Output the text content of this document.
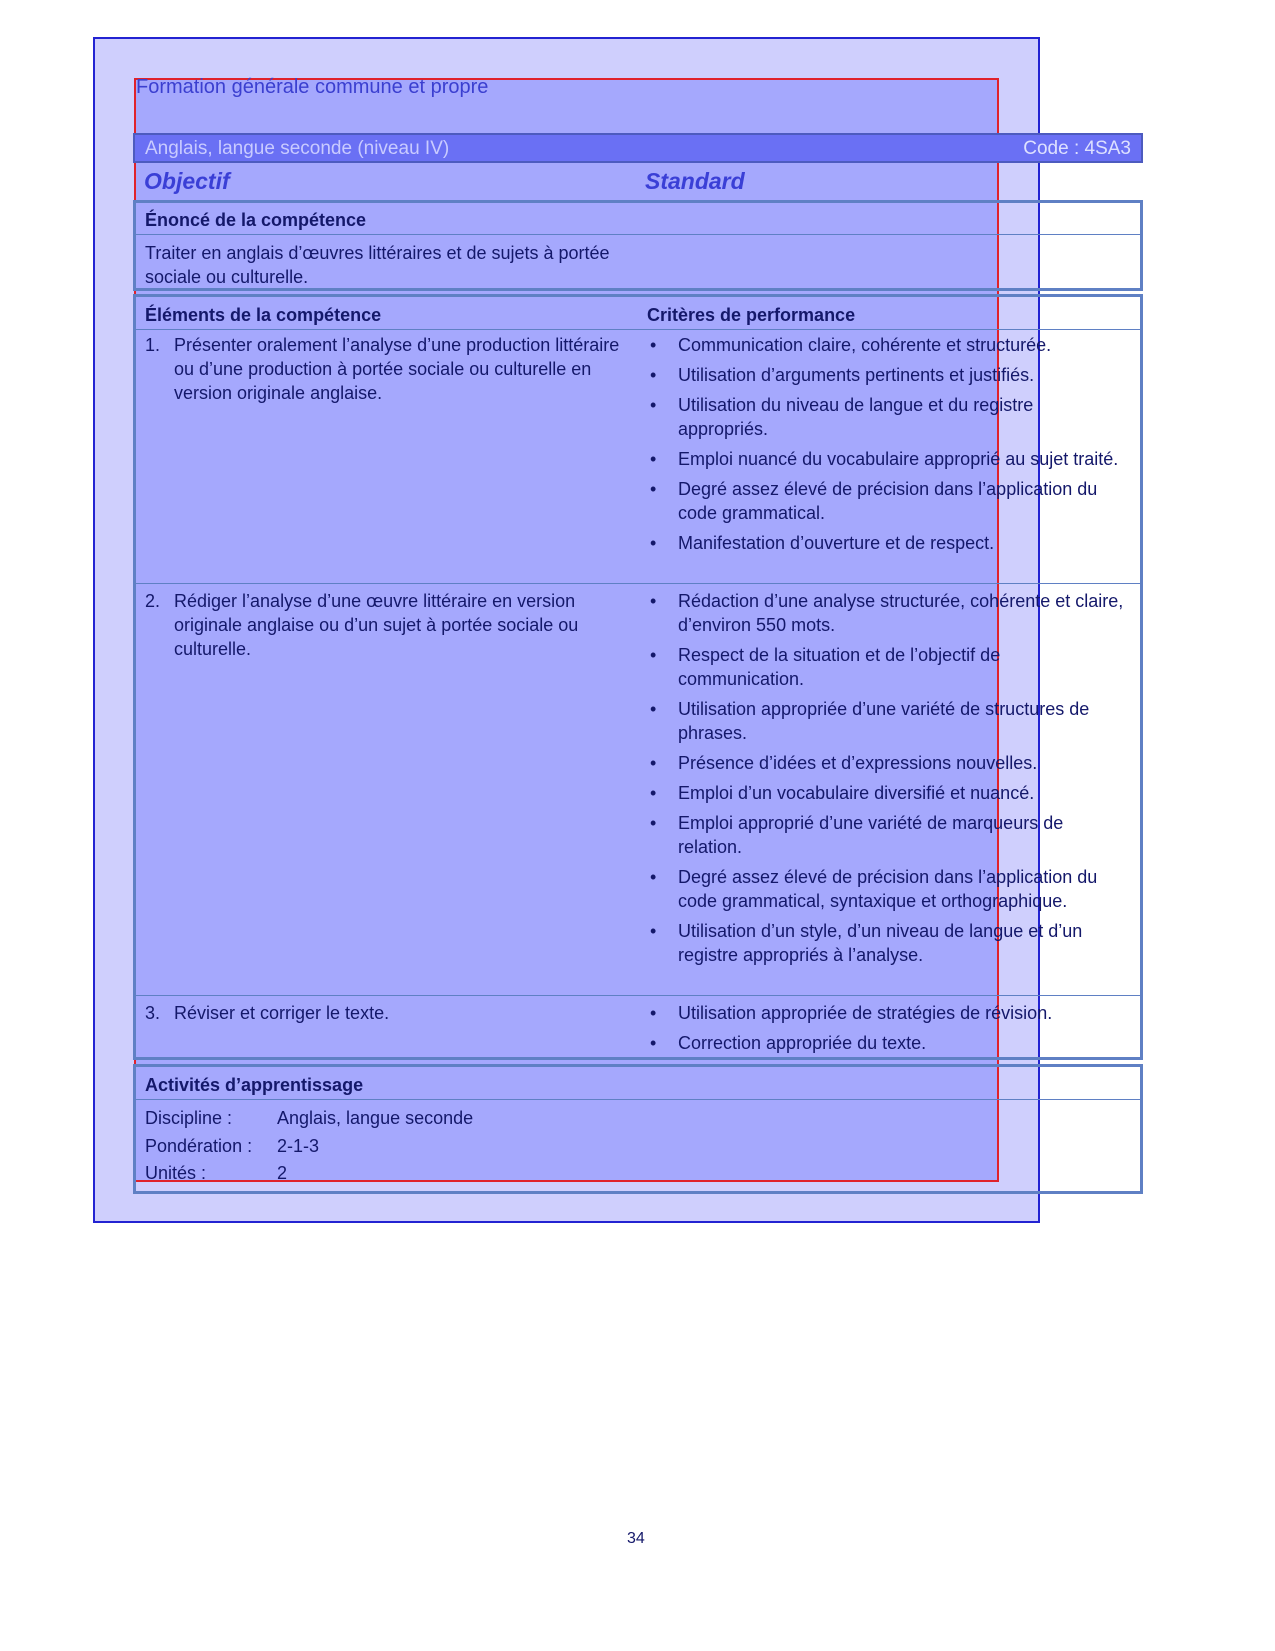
Formation générale commune et propre
Anglais, langue seconde (niveau IV)	Code : 4SA3
Objectif	Standard
Énoncé de la compétence
Traiter en anglais d’œuvres littéraires et de sujets à portée sociale ou culturelle.
Éléments de la compétence	Critères de performance
1. Présenter oralement l’analyse d’une production littéraire ou d’une production à portée sociale ou culturelle en version originale anglaise.
• Communication claire, cohérente et structurée.
• Utilisation d’arguments pertinents et justifiés.
• Utilisation du niveau de langue et du registre appropriés.
• Emploi nuancé du vocabulaire approprié au sujet traité.
• Degré assez élevé de précision dans l’application du code grammatical.
• Manifestation d’ouverture et de respect.
2. Rédiger l’analyse d’une œuvre littéraire en version originale anglaise ou d’un sujet à portée sociale ou culturelle.
• Rédaction d’une analyse structurée, cohérente et claire, d’environ 550 mots.
• Respect de la situation et de l’objectif de communication.
• Utilisation appropriée d’une variété de structures de phrases.
• Présence d’idées et d’expressions nouvelles.
• Emploi d’un vocabulaire diversifié et nuancé.
• Emploi approprié d’une variété de marqueurs de relation.
• Degré assez élevé de précision dans l’application du code grammatical, syntaxique et orthographique.
• Utilisation d’un style, d’un niveau de langue et d’un registre appropriés à l’analyse.
3. Réviser et corriger le texte.
•	Utilisation appropriée de stratégies de révision.
• Correction appropriée du texte.
Activités d’apprentissage
Discipline : Anglais, langue seconde
Pondération : 2-1-3
Unités :	2
34
